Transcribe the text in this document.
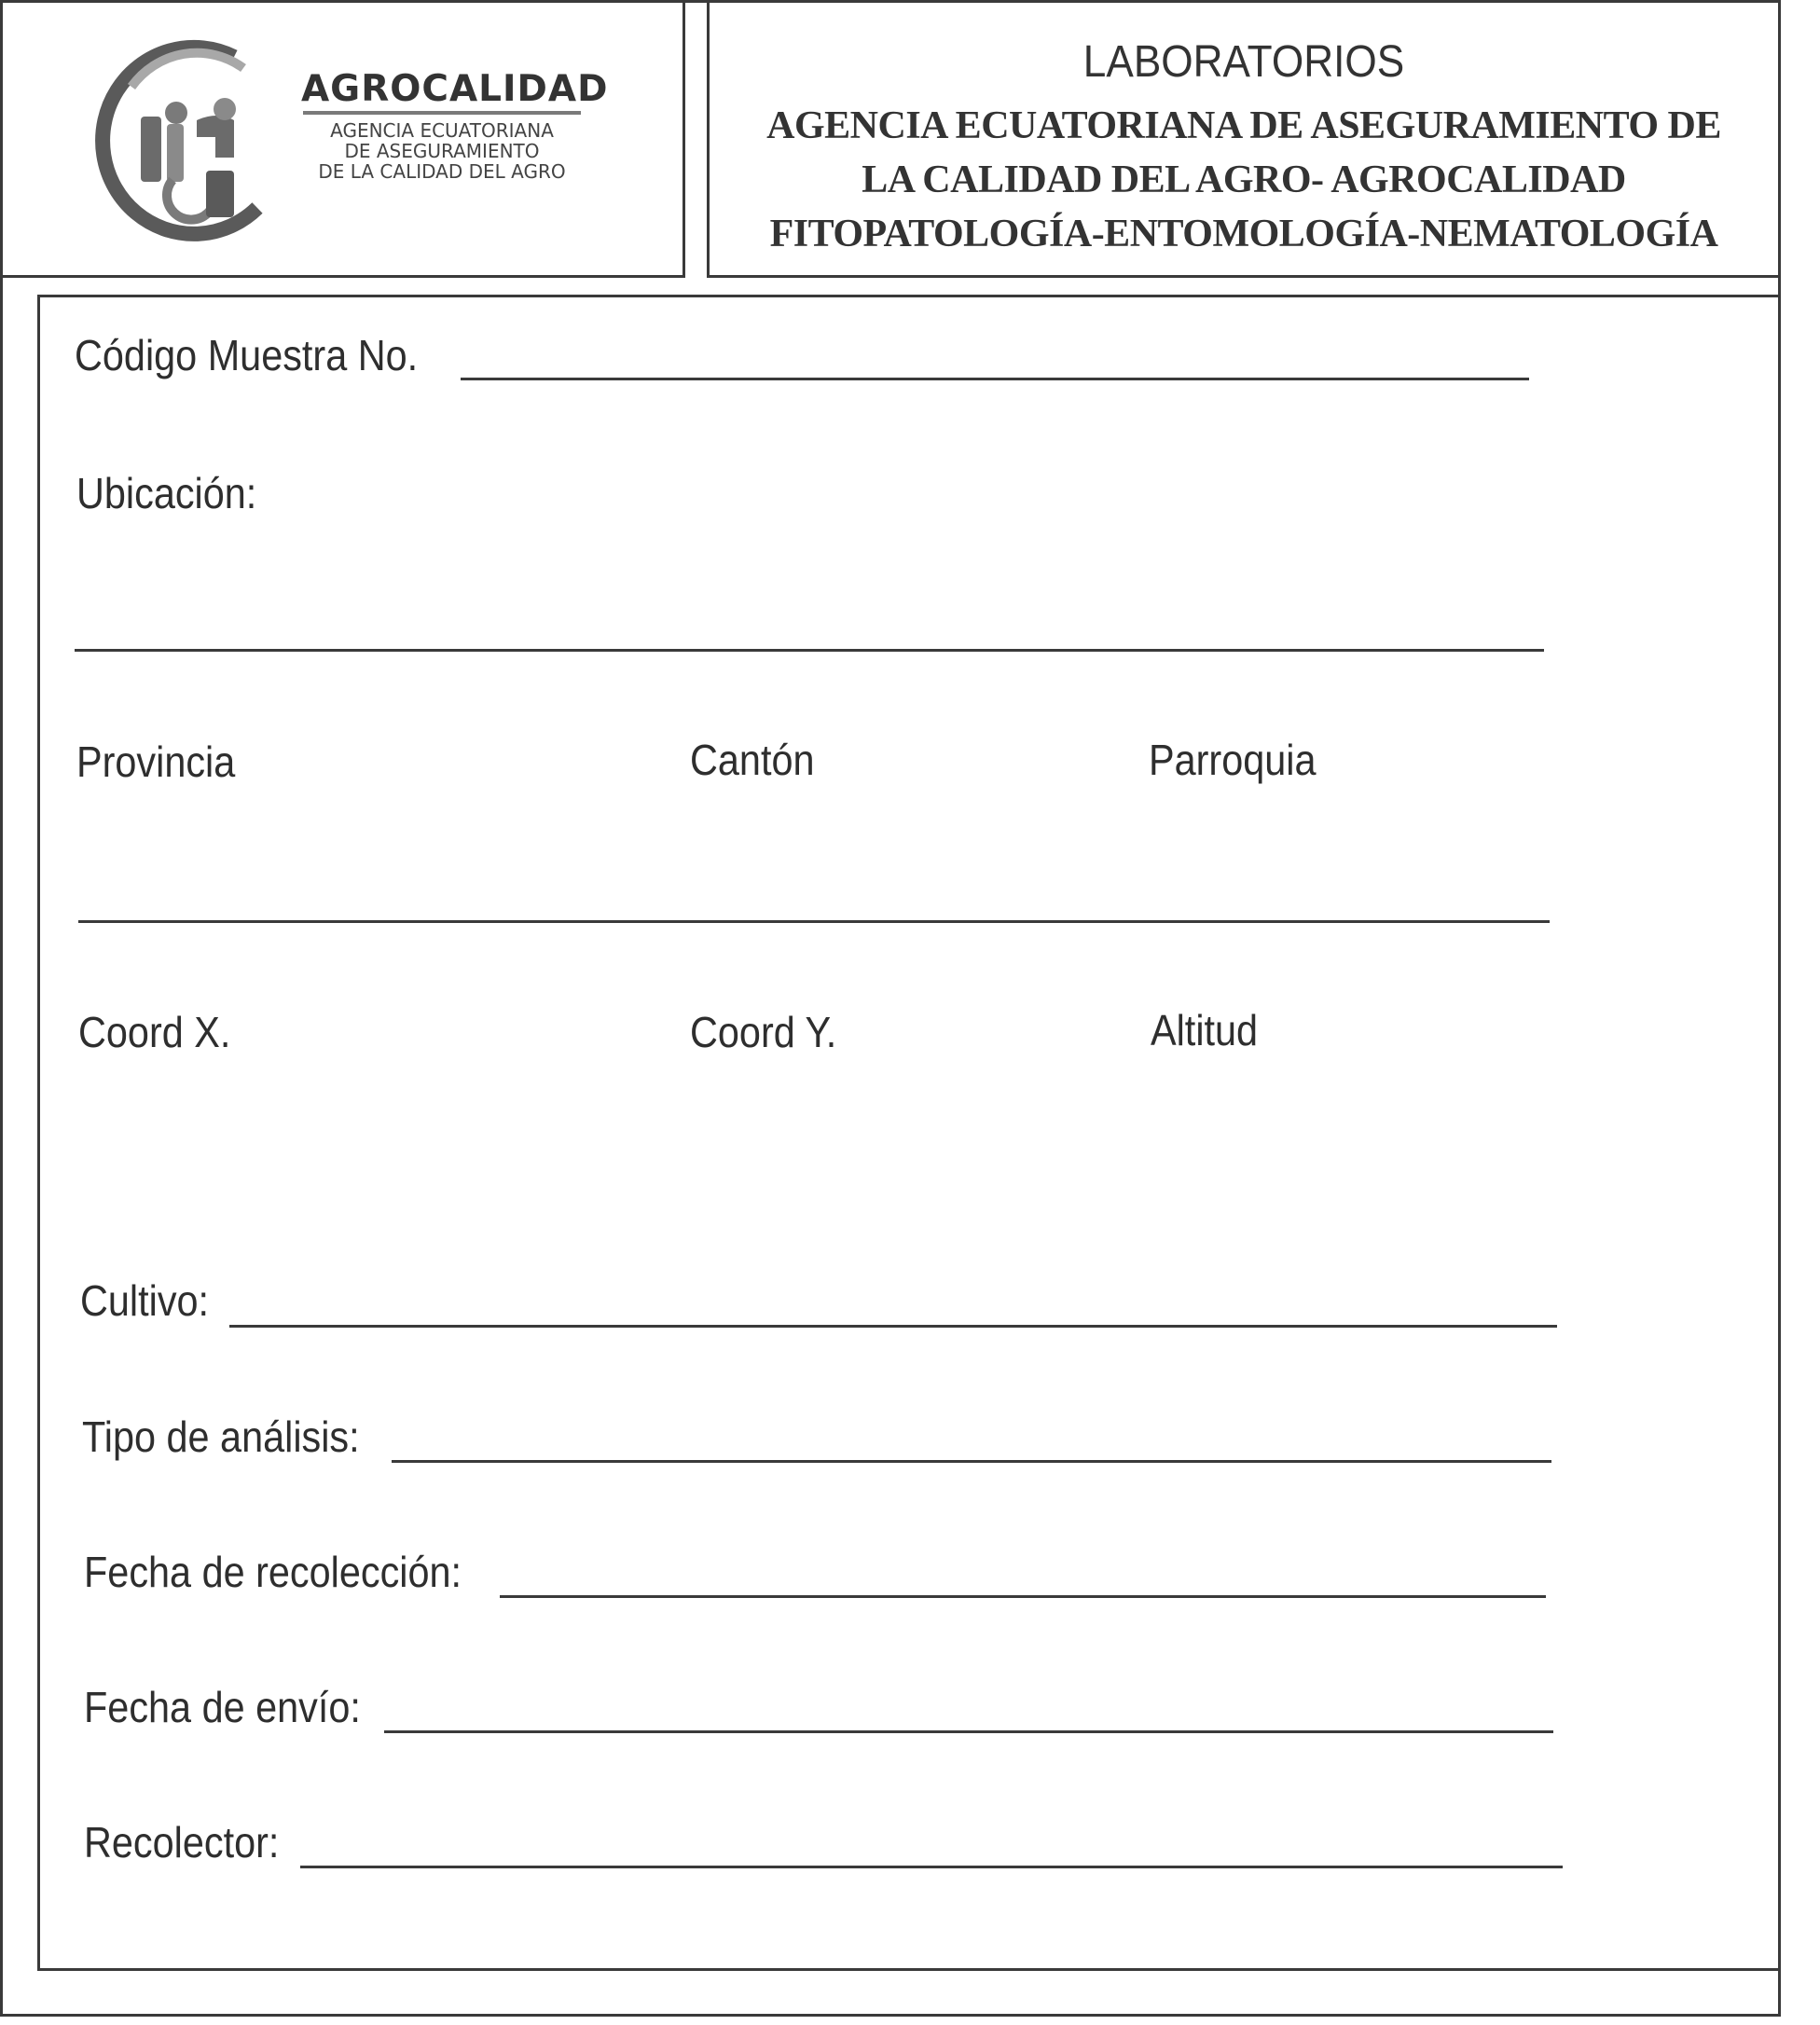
AGROCALIDAD
AGENCIA ECUATORIANA
DE ASEGURAMIENTO
DE LA CALIDAD DEL AGRO
LABORATORIOS
AGENCIA ECUATORIANA DE ASEGURAMIENTO DE
LA CALIDAD DEL AGRO- AGROCALIDAD
FITOPATOLOGÍA-ENTOMOLOGÍA-NEMATOLOGÍA
Código Muestra No.
Ubicación:
Provincia	Cantón	Parroquia
Coord X.	Coord Y.	Altitud
Cultivo:
Tipo de análisis:
Fecha de recolección:
Fecha de envío:
Recolector:
